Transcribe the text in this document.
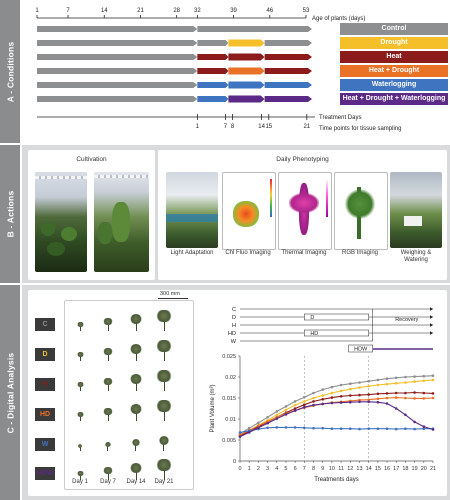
A - Conditions
B - Actions
C - Digital Analysis
Age of plants (days)
1	7	14	21	28 32	39	46	53
Treatment Days
Time points for tissue sampling
1	7 8	14 15	21
Control
Drought
Heat
Heat + Drought
Waterlogging
Heat + Drought + Waterlogging
Cultivation	Daily Phenotyping
Light Adaptation	Chl Fluo Imaging	Thermal Imaging	RGB Imaging	Weighing & Watering
C
D
H
HD
W
HDW
300 mm
Day 1	Day 7	Day 14	Day 21
C
D
H
HD
W
D
HD
HDW
Recovery
0
0.005
0.01
0.015
0.02
0.025
0 1 2 3 4 5 6 7 8 9 10 11 12 13 14 15 16 17 18 19 20 21
Treatments days
Plant Volume (m³)
